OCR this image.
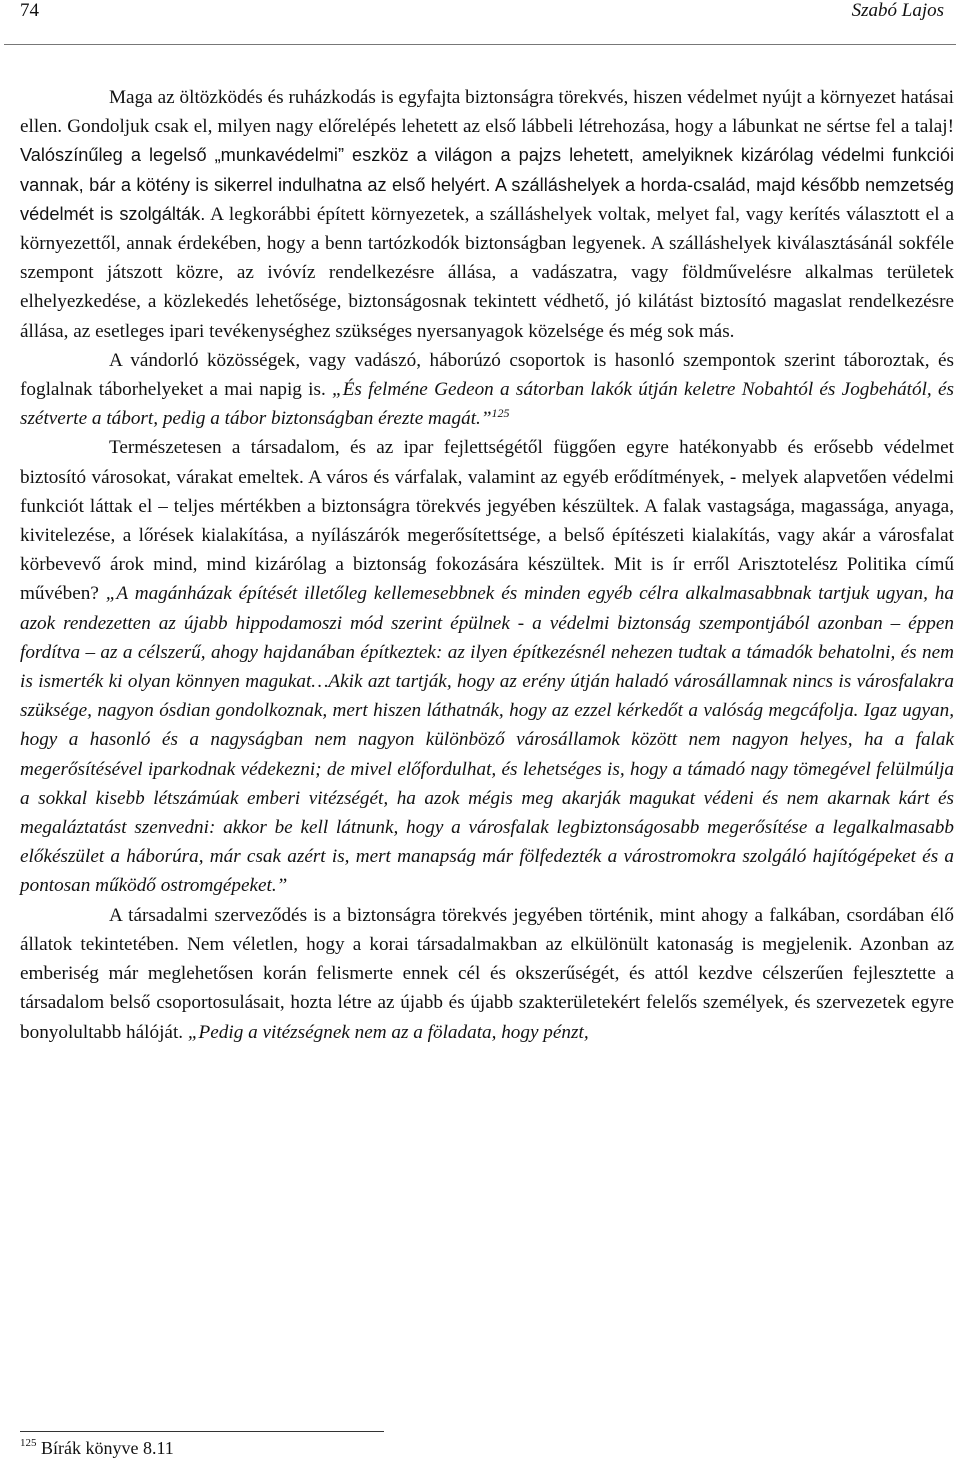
74	Szabó Lajos

Maga az öltözködés és ruházkodás is egyfajta biztonságra törekvés, hiszen védelmet nyújt a környezet hatásai ellen. Gondoljuk csak el, milyen nagy előrelépés lehetett az első lábbeli létrehozása, hogy a lábunkat ne sértse fel a talaj! Valószínűleg a legelső „munkavédelmi” eszköz a világon a pajzs lehetett, amelyiknek kizárólag védelmi funkciói vannak, bár a kötény is sikerrel indulhatna az első helyért. A szálláshelyek a horda-család, majd később nemzetség védelmét is szolgálták. A legkorábbi épített környezetek, a szálláshelyek voltak, melyet fal, vagy kerítés választott el a környezettől, annak érdekében, hogy a benn tartózkodók biztonságban legyenek. A szálláshelyek kiválasztásánál sokféle szempont játszott közre, az ivóvíz rendelkezésre állása, a vadászatra, vagy földművelésre alkalmas területek elhelyezkedése, a közlekedés lehetősége, biztonságosnak tekintett védhető, jó kilátást biztosító magaslat rendelkezésre állása, az esetleges ipari tevékenységhez szükséges nyersanyagok közelsége és még sok más.

A vándorló közösségek, vagy vadászó, háborúzó csoportok is hasonló szempontok szerint táboroztak, és foglalnak táborhelyeket a mai napig is. „És felméne Gedeon a sátorban lakók útján keletre Nobahtól és Jogbehától, és szétverte a tábort, pedig a tábor biztonságban érezte magát.”$^{125}$

Természetesen a társadalom, és az ipar fejlettségétől függően egyre hatékonyabb és erősebb védelmet biztosító városokat, várakat emeltek. A város és várfalak, valamint az egyéb erődítmények, - melyek alapvetően védelmi funkciót láttak el – teljes mértékben a biztonságra törekvés jegyében készültek. A falak vastagsága, magassága, anyaga, kivitelezése, a lőrések kialakítása, a nyílászárók megerősítettsége, a belső építészeti kialakítás, vagy akár a városfalat körbevevő árok mind, mind kizárólag a biztonság fokozására készültek. Mit is ír erről Arisztotelész Politika című művében? „A magánházak építését illetőleg kellemesebbnek és minden egyéb célra alkalmasabbnak tartjuk ugyan, ha azok rendezetten az újabb hippodamoszi mód szerint épülnek - a védelmi biztonság szempontjából azonban – éppen fordítva – az a célszerű, ahogy hajdanában építkeztek: az ilyen építkezésnél nehezen tudtak a támadók behatolni, és nem is ismerték ki olyan könnyen magukat…Akik azt tartják, hogy az erény útján haladó városállamnak nincs is városfalakra szüksége, nagyon ósdian gondolkoznak, mert hiszen láthatnák, hogy az ezzel kérkedőt a valóság megcáfolja. Igaz ugyan, hogy a hasonló és a nagyságban nem nagyon különböző városállamok között nem nagyon helyes, ha a falak megerősítésével iparkodnak védekezni; de mivel előfordulhat, és lehetséges is, hogy a támadó nagy tömegével felülmúlja a sokkal kisebb létszámúak emberi vitézségét, ha azok mégis meg akarják magukat védeni és nem akarnak kárt és megaláztatást szenvedni: akkor be kell látnunk, hogy a városfalak legbiztonságosabb megerősítése a legalkalmasabb előkészület a háborúra, már csak azért is, mert manapság már fölfedezték a várostromokra szolgáló hajítógépeket és a pontosan működő ostromgépeket.”

A társadalmi szerveződés is a biztonságra törekvés jegyében történik, mint ahogy a falkában, csordában élő állatok tekintetében. Nem véletlen, hogy a korai társadalmakban az elkülönült katonaság is megjelenik. Azonban az emberiség már meglehetősen korán felismerte ennek cél és okszerűségét, és attól kezdve célszerűen fejlesztette a társadalom belső csoportosulásait, hozta létre az újabb és újabb szakterületekért felelős személyek, és szervezetek egyre bonyolultabb hálóját. „Pedig a vitézségnek nem az a föladata, hogy pénzt,

$^{125}$ Bírák könyve 8.11
